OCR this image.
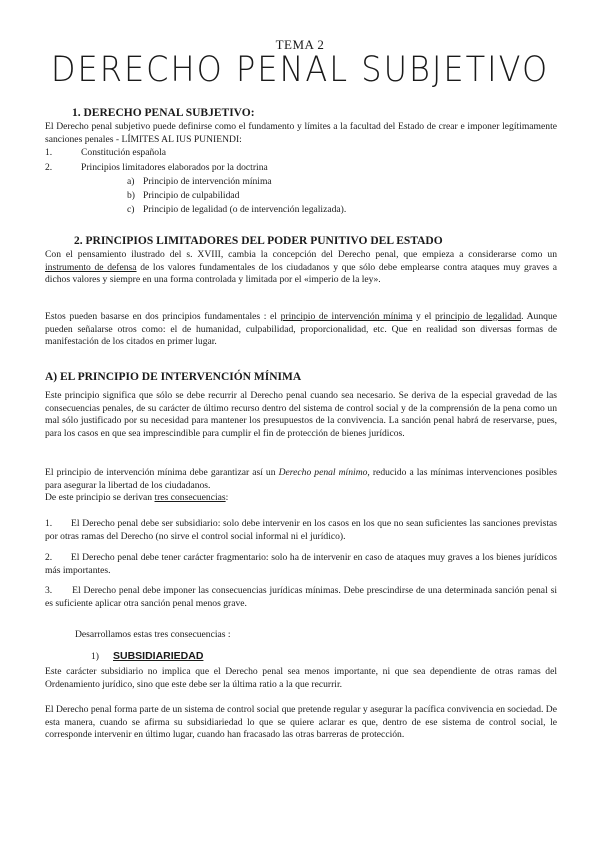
TEMA 2
DERECHO PENAL SUBJETIVO
1. DERECHO PENAL SUBJETIVO:
El Derecho penal subjetivo puede definirse como el fundamento y límites a la facultad del Estado de crear e imponer legítimamente sanciones penales - LÍMITES AL IUS PUNIENDI:
1.	Constitución española
2.	Principios limitadores elaborados por la doctrina
a) Principio de intervención mínima
b) Principio de culpabilidad
c) Principio de legalidad (o de intervención legalizada).
2. PRINCIPIOS LIMITADORES DEL PODER PUNITIVO DEL ESTADO
Con el pensamiento ilustrado del s. XVIII, cambia la concepción del Derecho penal, que empieza a considerarse como un instrumento de defensa de los valores fundamentales de los ciudadanos y que sólo debe emplearse contra ataques muy graves a dichos valores y siempre en una forma controlada y limitada por el «imperio de la ley».
Estos pueden basarse en dos principios fundamentales : el principio de intervención mínima y el principio de legalidad. Aunque pueden señalarse otros como: el de humanidad, culpabilidad, proporcionalidad, etc. Que en realidad son diversas formas de manifestación de los citados en primer lugar.
A) EL PRINCIPIO DE INTERVENCIÓN MÍNIMA
Este principio significa que sólo se debe recurrir al Derecho penal cuando sea necesario. Se deriva de la especial gravedad de las consecuencias penales, de su carácter de último recurso dentro del sistema de control social y de la comprensión de la pena como un mal sólo justificado por su necesidad para mantener los presupuestos de la convivencia. La sanción penal habrá de reservarse, pues, para los casos en que sea imprescindible para cumplir el fin de protección de bienes jurídicos.
El principio de intervención mínima debe garantizar así un Derecho penal mínimo, reducido a las mínimas intervenciones posibles para asegurar la libertad de los ciudadanos.
De este principio se derivan tres consecuencias:
1. El Derecho penal debe ser subsidiario: solo debe intervenir en los casos en los que no sean suficientes las sanciones previstas por otras ramas del Derecho (no sirve el control social informal ni el jurídico).
2. El Derecho penal debe tener carácter fragmentario: solo ha de intervenir en caso de ataques muy graves a los bienes jurídicos más importantes.
3. El Derecho penal debe imponer las consecuencias jurídicas mínimas. Debe prescindirse de una determinada sanción penal si es suficiente aplicar otra sanción penal menos grave.
Desarrollamos estas tres consecuencias :
1) SUBSIDIARIEDAD
Este carácter subsidiario no implica que el Derecho penal sea menos importante, ni que sea dependiente de otras ramas del Ordenamiento jurídico, sino que este debe ser la última ratio a la que recurrir.
El Derecho penal forma parte de un sistema de control social que pretende regular y asegurar la pacífica convivencia en sociedad. De esta manera, cuando se afirma su subsidiariedad lo que se quiere aclarar es que, dentro de ese sistema de control social, le corresponde intervenir en último lugar, cuando han fracasado las otras barreras de protección.
